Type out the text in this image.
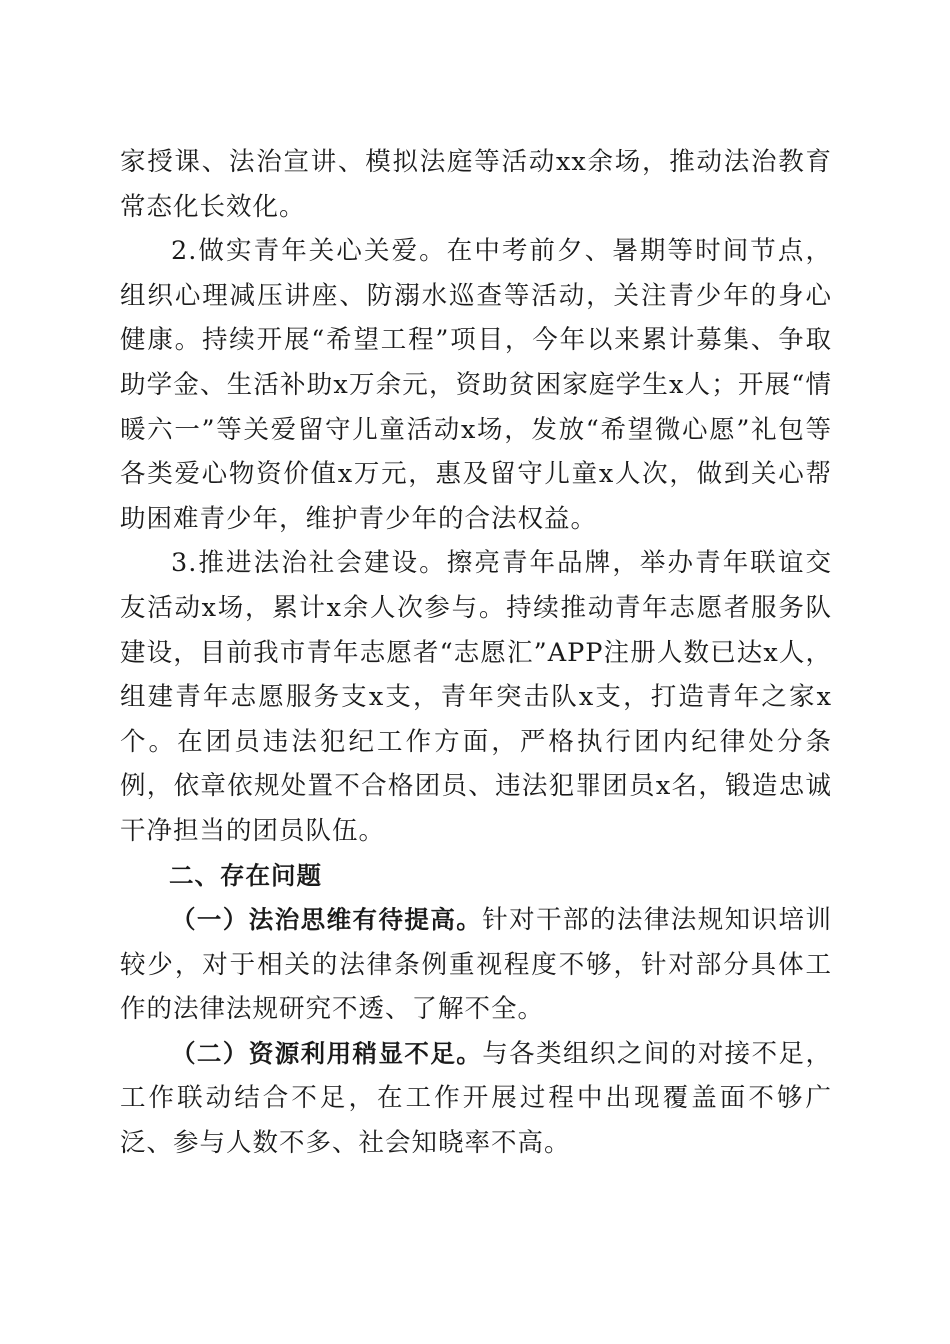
家授课、法治宣讲、模拟法庭等活动xx余场，推动法治教育常态化长效化。

2.做实青年关心关爱。在中考前夕、暑期等时间节点，组织心理减压讲座、防溺水巡查等活动，关注青少年的身心健康。持续开展“希望工程”项目，今年以来累计募集、争取助学金、生活补助x万余元，资助贫困家庭学生x人；开展“情暖六一”等关爱留守儿童活动x场，发放“希望微心愿”礼包等各类爱心物资价值x万元，惠及留守儿童x人次，做到关心帮助困难青少年，维护青少年的合法权益。

3.推进法治社会建设。擦亮青年品牌，举办青年联谊交友活动x场，累计x余人次参与。持续推动青年志愿者服务队建设，目前我市青年志愿者“志愿汇”APP注册人数已达x人，组建青年志愿服务支x支，青年突击队x支，打造青年之家x个。在团员违法犯纪工作方面，严格执行团内纪律处分条例，依章依规处置不合格团员、违法犯罪团员x名，锻造忠诚干净担当的团员队伍。

二、存在问题

（一）法治思维有待提高。针对干部的法律法规知识培训较少，对于相关的法律条例重视程度不够，针对部分具体工作的法律法规研究不透、了解不全。

（二）资源利用稍显不足。与各类组织之间的对接不足，工作联动结合不足，在工作开展过程中出现覆盖面不够广泛、参与人数不多、社会知晓率不高。
